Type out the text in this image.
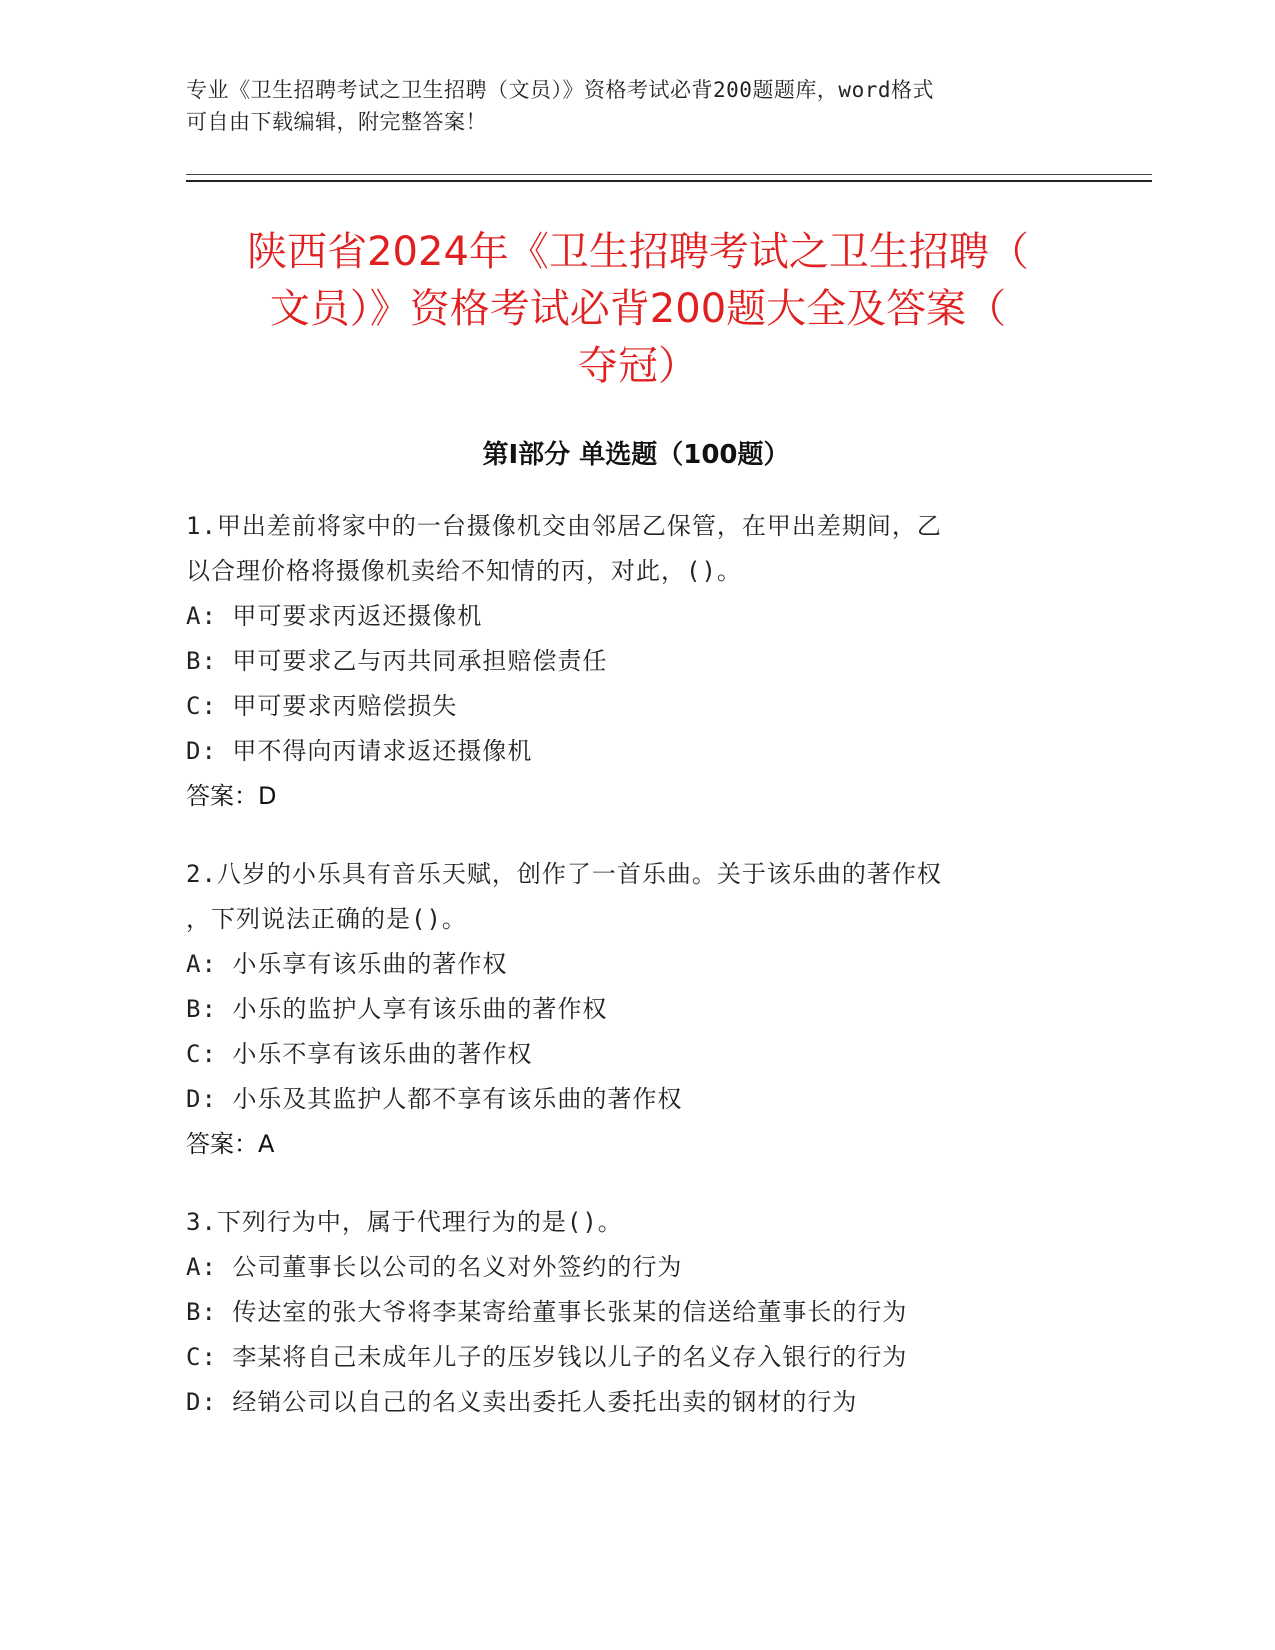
专业《卫生招聘考试之卫生招聘（文员）》资格考试必背200题题库，word格式
可自由下载编辑，附完整答案！
陕西省2024年《卫生招聘考试之卫生招聘（
文员）》资格考试必背200题大全及答案（
夺冠）
第Ⅰ部分 单选题（100题）

1.甲出差前将家中的一台摄像机交由邻居乙保管，在甲出差期间，乙

以合理价格将摄像机卖给不知情的丙，对此，()。

A: 甲可要求丙返还摄像机

B: 甲可要求乙与丙共同承担赔偿责任

C: 甲可要求丙赔偿损失

D: 甲不得向丙请求返还摄像机

答案：D

2.八岁的小乐具有音乐天赋，创作了一首乐曲。关于该乐曲的著作权

，下列说法正确的是()。

A: 小乐享有该乐曲的著作权

B: 小乐的监护人享有该乐曲的著作权

C: 小乐不享有该乐曲的著作权

D: 小乐及其监护人都不享有该乐曲的著作权

答案：A

3.下列行为中，属于代理行为的是()。

A: 公司董事长以公司的名义对外签约的行为

B: 传达室的张大爷将李某寄给董事长张某的信送给董事长的行为

C: 李某将自己未成年儿子的压岁钱以儿子的名义存入银行的行为

D: 经销公司以自己的名义卖出委托人委托出卖的钢材的行为
